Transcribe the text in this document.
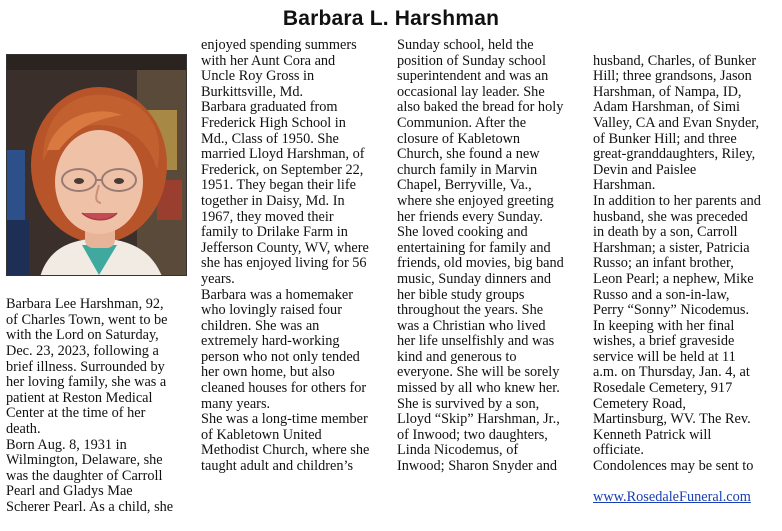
Barbara L. Harshman

Barbara Lee Harshman, 92,
of Charles Town, went to be
with the Lord on Saturday,
Dec. 23, 2023, following a
brief illness. Surrounded by
her loving family, she was a
patient at Reston Medical
Center at the time of her
death.
Born Aug. 8, 1931 in
Wilmington, Delaware, she
was the daughter of Carroll
Pearl and Gladys Mae
Scherer Pearl. As a child, she

enjoyed spending summers
with her Aunt Cora and
Uncle Roy Gross in
Burkittsville, Md.
Barbara graduated from
Frederick High School in
Md., Class of 1950. She
married Lloyd Harshman, of
Frederick, on September 22,
1951. They began their life
together in Daisy, Md. In
1967, they moved their
family to Drilake Farm in
Jefferson County, WV, where
she has enjoyed living for 56
years.
Barbara was a homemaker
who lovingly raised four
children. She was an
extremely hard-working
person who not only tended
her own home, but also
cleaned houses for others for
many years.
She was a long-time member
of Kabletown United
Methodist Church, where she
taught adult and children’s
Sunday school, held the
position of Sunday school
superintendent and was an
occasional lay leader. She
also baked the bread for holy
Communion. After the
closure of Kabletown
Church, she found a new
church family in Marvin
Chapel, Berryville, Va.,
where she enjoyed greeting
her friends every Sunday.
She loved cooking and
entertaining for family and
friends, old movies, big band
music, Sunday dinners and
her bible study groups
throughout the years. She
was a Christian who lived
her life unselfishly and was
kind and generous to
everyone. She will be sorely
missed by all who knew her.
She is survived by a son,
Lloyd “Skip” Harshman, Jr.,
of Inwood; two daughters,
Linda Nicodemus, of
Inwood; Sharon Snyder and

husband, Charles, of Bunker
Hill; three grandsons, Jason
Harshman, of Nampa, ID,
Adam Harshman, of Simi
Valley, CA and Evan Snyder,
of Bunker Hill; and three
great-granddaughters, Riley,
Devin and Paislee
Harshman.
In addition to her parents and
husband, she was preceded
in death by a son, Carroll
Harshman; a sister, Patricia
Russo; an infant brother,
Leon Pearl; a nephew, Mike
Russo and a son-in-law,
Perry “Sonny” Nicodemus.
In keeping with her final
wishes, a brief graveside
service will be held at 11
a.m. on Thursday, Jan. 4, at
Rosedale Cemetery, 917
Cemetery Road,
Martinsburg, WV. The Rev.
Kenneth Patrick will
officiate.
Condolences may be sent to

www.RosedaleFuneral.com
